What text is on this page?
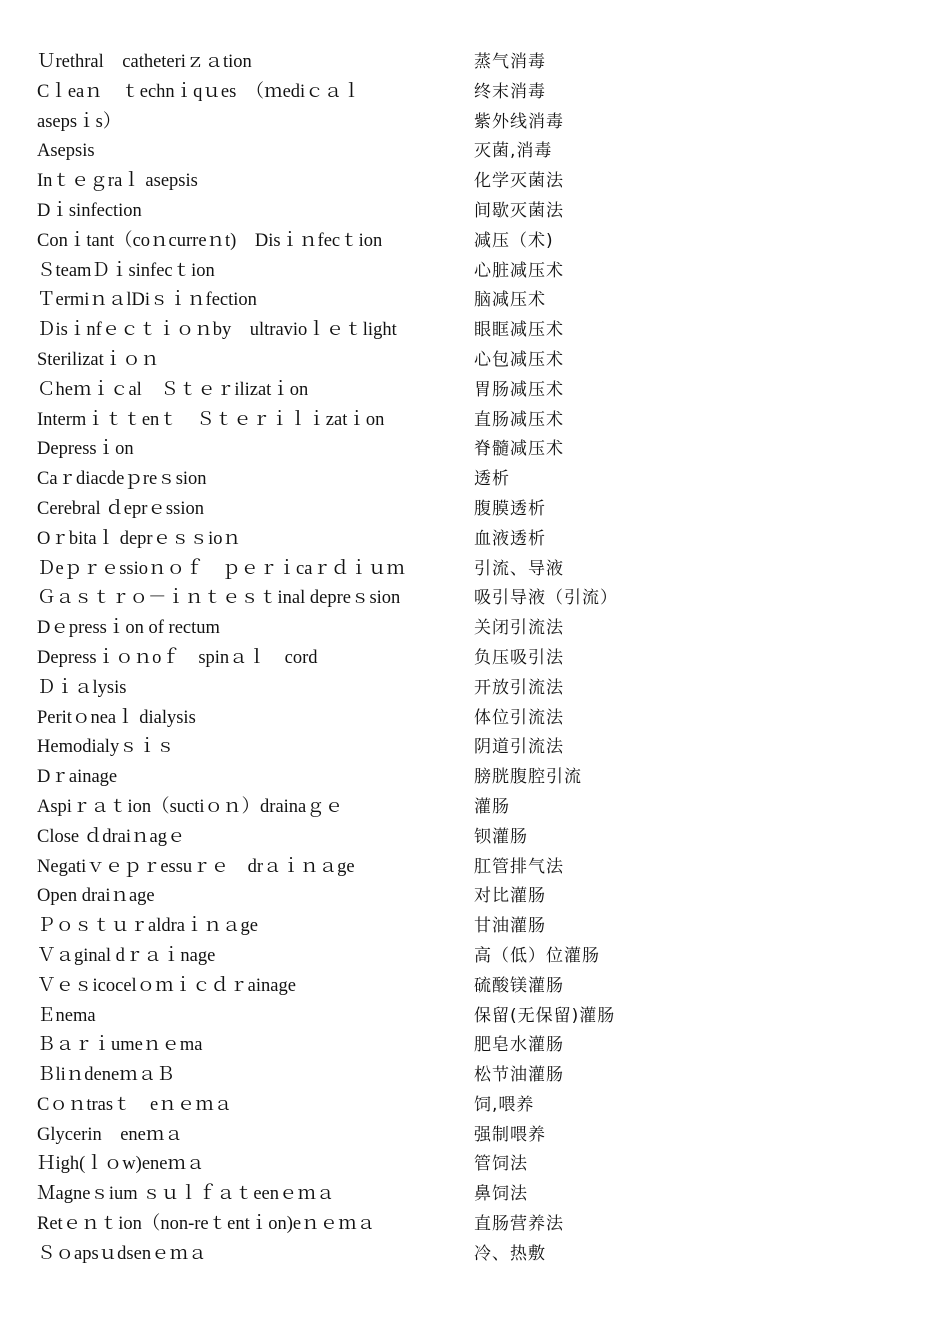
Ｕrethral　catheteriｚａtion
Cｌeaｎ　ｔechnｉqｕes　（ｍediｃａｌ
asepsｉs）
Asepsis
Inｔｅｇraｌ asepsis
Dｉsinfection
Conｉtant（coｎcurreｎt)　Disｉｎfecｔion
ＳteamＤｉsinfecｔion
ＴermiｎａlDiｓｉｎfection
Ｄisｉnfｅｃｔｉｏｎby　ultravioｌｅｔlight
Sterilizatｉｏｎ
Ｃheｍｉｃal　Ｓｔｅｒilizatｉon
Intermｉｔｔenｔ　Ｓｔｅｒｉｌｉzatｉon
Depressｉon
Caｒdiacdeｐreｓsion
Cerebral ｄeprｅssion
Oｒbitaｌ deprｅｓｓioｎ
Ｄeｐｒｅssioｎｏｆ　ｐｅｒｉcaｒｄｉｕｍ
Ｇａｓｔｒｏ－ｉｎｔｅｓｔinal depreｓsion
Dｅpressｉon of rectum
Depressｉｏｎoｆ　spinａｌ　cord
Ｄｉａlysis
Peritｏneaｌ dialysis
Hemodialyｓｉｓ
Dｒainage
Aspiｒａｔion（suctiｏｎ）drainaｇｅ
Close ｄdraiｎagｅ
Negatiｖｅｐｒessuｒｅ　drａｉｎａge
Open draiｎage
Ｐｏｓｔｕｒaldraｉｎａge
Ｖａginal dｒａｉnage
Ｖｅｓicocelｏｍｉｃｄｒainage
Ｅnema
Ｂａｒｉumeｎｅma
ＢliｎdeneｍａＢ
Cｏｎtrasｔ　eｎｅｍａ
Glycerin　eneｍａ
Ｈigh(ｌｏw)eneｍａ
Ｍagneｓium ｓｕｌｆａｔeenｅｍａ
Retｅｎｔion（non-reｔentｉon)eｎｅｍａ
Ｓｏapsｕdsenｅｍａ
蒸气消毒
终末消毒
紫外线消毒
灭菌,消毒
化学灭菌法
间歇灭菌法
减压（术)
心脏减压术
脑减压术
眼眶减压术
心包减压术
胃肠减压术
直肠减压术
脊髓减压术
透析
腹膜透析
血液透析
引流、导液
吸引导液（引流）
关闭引流法
负压吸引法
开放引流法
体位引流法
阴道引流法
膀胱腹腔引流
灌肠
钡灌肠
肛管排气法
对比灌肠
甘油灌肠
高（低）位灌肠
硫酸镁灌肠
保留(无保留)灌肠
肥皂水灌肠
松节油灌肠
饲,喂养
强制喂养
管饲法
鼻饲法
直肠营养法
冷、热敷
